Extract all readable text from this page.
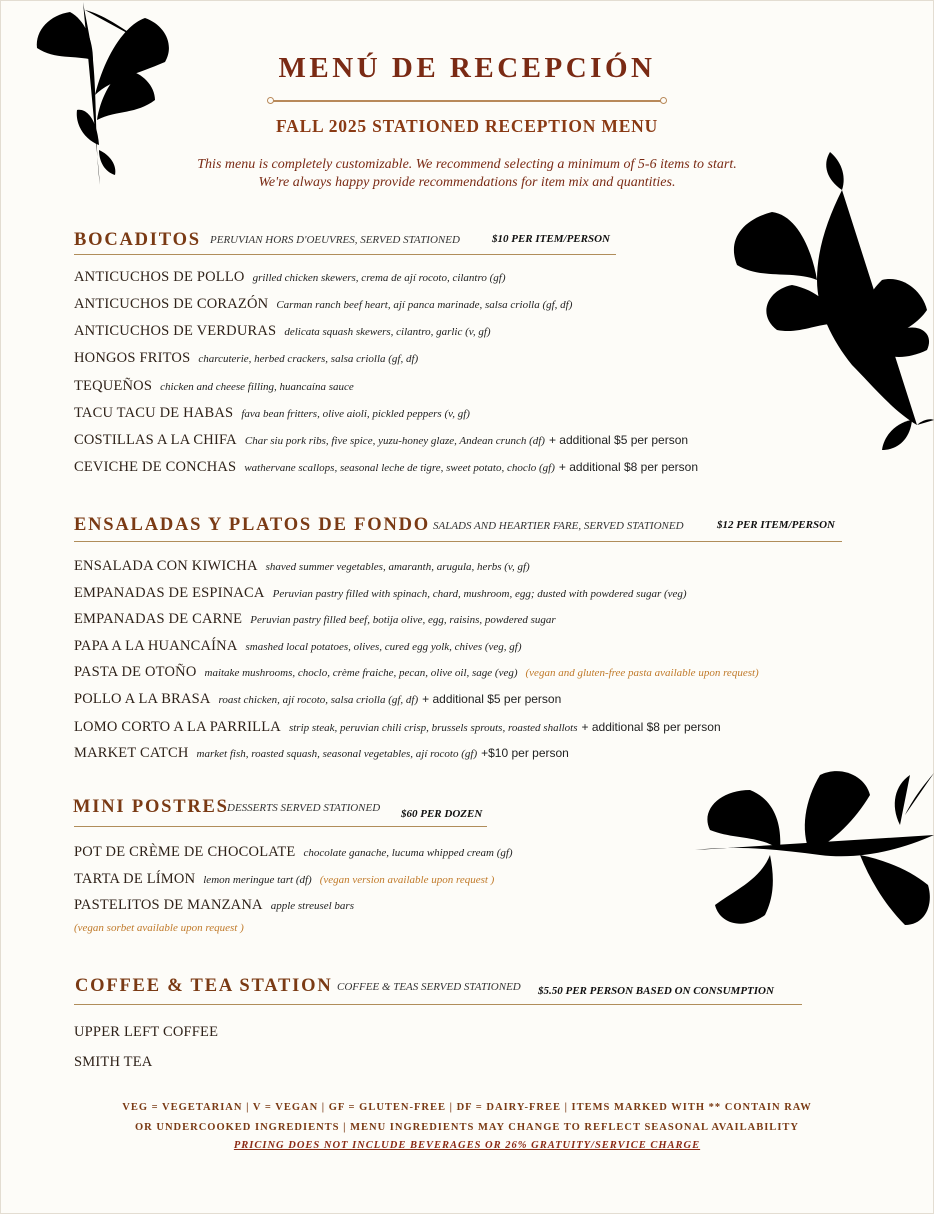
MENÚ DE RECEPCIÓN
FALL 2025 STATIONED RECEPTION MENU
This menu is completely customizable. We recommend selecting a minimum of 5-6 items to start.
We're always happy provide recommendations for item mix and quantities.
BOCADITOS PERUVIAN HORS D'OEUVRES, SERVED STATIONED	$10 PER ITEM/PERSON
ANTICUCHOS DE POLLO grilled chicken skewers, crema de ají rocoto, cilantro (gf)
ANTICUCHOS DE CORAZÓN Carman ranch beef heart, ají panca marinade, salsa criolla (gf, df)
ANTICUCHOS DE VERDURAS delicata squash skewers, cilantro, garlic (v, gf)
HONGOS FRITOS charcuterie, herbed crackers, salsa criolla (gf, df)
TEQUEÑOS chicken and cheese filling, huancaína sauce
TACU TACU DE HABAS fava bean fritters, olive aioli, pickled peppers (v, gf)
COSTILLAS A LA CHIFA Char siu pork ribs, five spice, yuzu-honey glaze, Andean crunch (df) + additional $5 per person
CEVICHE DE CONCHAS wathervane scallops, seasonal leche de tigre, sweet potato, choclo (gf) + additional $8 per person
ENSALADAS Y PLATOS DE FONDO SALADS AND HEARTIER FARE, SERVED STATIONED	$12 PER ITEM/PERSON
ENSALADA CON KIWICHA shaved summer vegetables, amaranth, arugula, herbs (v, gf)
EMPANADAS DE ESPINACA Peruvian pastry filled with spinach, chard, mushroom, egg; dusted with powdered sugar (veg)
EMPANADAS DE CARNE Peruvian pastry filled beef, botija olive, egg, raisins, powdered sugar
PAPA A LA HUANCAÍNA smashed local potatoes, olives, cured egg yolk, chives (veg, gf)
PASTA DE OTOÑO maitake mushrooms, choclo, crème fraiche, pecan, olive oil, sage (veg) (vegan and gluten-free pasta available upon request)
POLLO A LA BRASA roast chicken, ají rocoto, salsa criolla (gf, df) + additional $5 per person
LOMO CORTO A LA PARRILLA strip steak, peruvian chili crisp, brussels sprouts, roasted shallots + additional $8 per person
MARKET CATCH market fish, roasted squash, seasonal vegetables, ají rocoto (gf) +$10 per person
MINI POSTRES
DESSERTS SERVED STATIONED $60 PER DOZEN
POT DE CRÈME DE CHOCOLATE chocolate ganache, lucuma whipped cream (gf)
TARTA DE LÍMON lemon meringue tart (df) (vegan version available upon request )
PASTELITOS DE MANZANA apple streusel bars
(vegan sorbet available upon request )
COFFEE & TEA STATION COFFEE & TEAS SERVED STATIONED $5.50 PER PERSON BASED ON CONSUMPTION
UPPER LEFT COFFEE
SMITH TEA
VEG = VEGETARIAN | V = VEGAN | GF = GLUTEN-FREE | DF = DAIRY-FREE | ITEMS MARKED WITH ** CONTAIN RAW
OR UNDERCOOKED INGREDIENTS | MENU INGREDIENTS MAY CHANGE TO REFLECT SEASONAL AVAILABILITY
PRICING DOES NOT INCLUDE BEVERAGES OR 26% GRATUITY/SERVICE CHARGE
